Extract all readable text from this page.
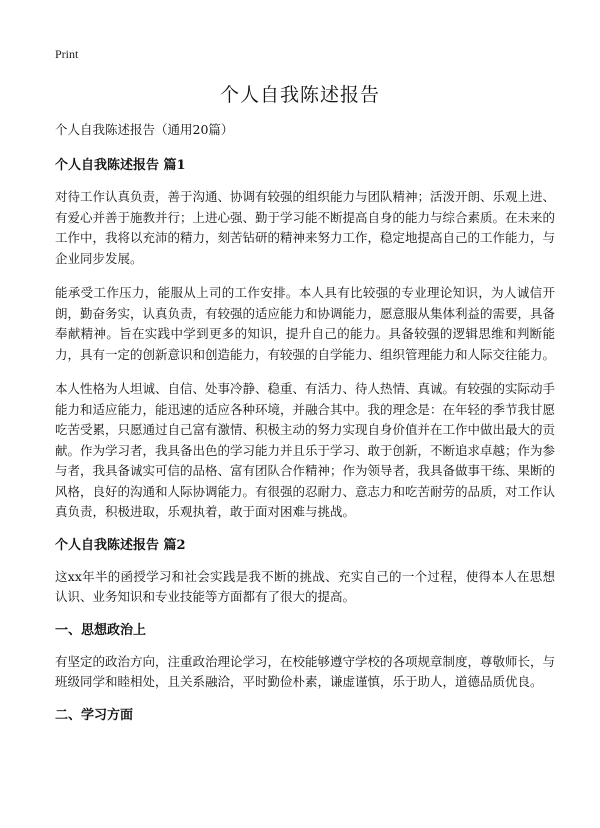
Print
个人自我陈述报告
个人自我陈述报告（通用20篇）
个人自我陈述报告 篇1

对待工作认真负责，善于沟通、协调有较强的组织能力与团队精神；活泼开朗、乐观上进、有爱心并善于施教并行；上进心强、勤于学习能不断提高自身的能力与综合素质。在未来的工作中，我将以充沛的精力，刻苦钻研的精神来努力工作，稳定地提高自己的工作能力，与企业同步发展。

能承受工作压力，能服从上司的工作安排。本人具有比较强的专业理论知识，为人诚信开朗，勤奋务实，认真负责，有较强的适应能力和协调能力，愿意服从集体利益的需要，具备奉献精神。旨在实践中学到更多的知识，提升自己的能力。具备较强的逻辑思维和判断能力，具有一定的创新意识和创造能力，有较强的自学能力、组织管理能力和人际交往能力。

本人性格为人坦诚、自信、处事冷静、稳重、有活力、待人热情、真诚。有较强的实际动手能力和适应能力，能迅速的适应各种环境，并融合其中。我的理念是：在年轻的季节我甘愿吃苦受累，只愿通过自己富有激情、积极主动的努力实现自身价值并在工作中做出最大的贡献。作为学习者，我具备出色的学习能力并且乐于学习、敢于创新，不断追求卓越；作为参与者，我具备诚实可信的品格、富有团队合作精神；作为领导者，我具备做事干练、果断的风格，良好的沟通和人际协调能力。有很强的忍耐力、意志力和吃苦耐劳的品质，对工作认真负责，积极进取，乐观执着，敢于面对困难与挑战。

个人自我陈述报告 篇2

这xx年半的函授学习和社会实践是我不断的挑战、充实自己的一个过程，使得本人在思想认识、业务知识和专业技能等方面都有了很大的提高。

一、思想政治上

有坚定的政治方向，注重政治理论学习，在校能够遵守学校的各项规章制度，尊敬师长，与班级同学和睦相处，且关系融洽，平时勤俭朴素，谦虚谨慎，乐于助人，道德品质优良。

二、学习方面
